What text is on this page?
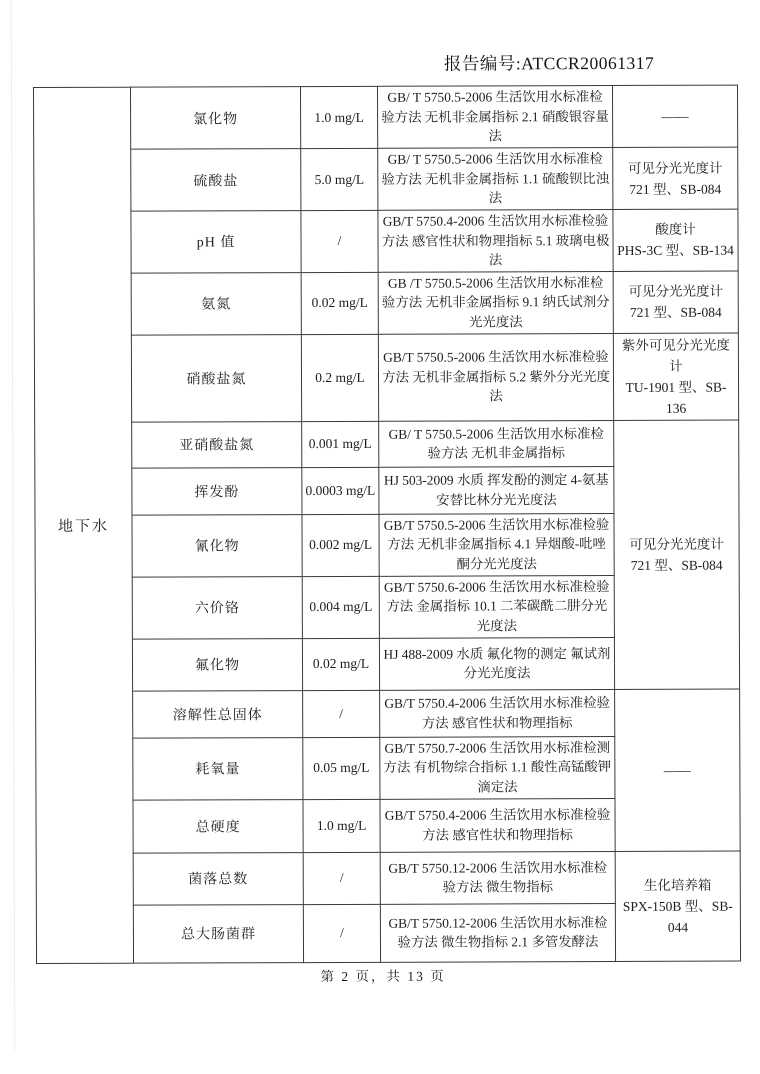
报告编号:ATCCR20061317
地下水	氯化物	1.0 mg/L	GB/ T 5750.5-2006 生活饮用水标准检验方法 无机非金属指标 2.1 硝酸银容量法	——
	硫酸盐	5.0 mg/L	GB/ T 5750.5-2006 生活饮用水标准检验方法 无机非金属指标 1.1 硫酸钡比浊法	可见分光光度计
721 型、SB-084
	pH 值	/	GB/T 5750.4-2006 生活饮用水标准检验方法 感官性状和物理指标 5.1 玻璃电极法	酸度计
PHS-3C 型、SB-134
	氨氮	0.02 mg/L	GB /T 5750.5-2006 生活饮用水标准检验方法 无机非金属指标 9.1 纳氏试剂分光光度法	可见分光光度计
721 型、SB-084
	硝酸盐氮	0.2 mg/L	GB/T 5750.5-2006 生活饮用水标准检验方法 无机非金属指标 5.2 紫外分光光度法	紫外可见分光光度计
TU-1901 型、SB-136
	亚硝酸盐氮	0.001 mg/L	GB/ T 5750.5-2006 生活饮用水标准检验方法 无机非金属指标	可见分光光度计
721 型、SB-084
	挥发酚	0.0003 mg/L	HJ 503-2009 水质 挥发酚的测定 4-氨基安替比林分光光度法	
	氰化物	0.002 mg/L	GB/T 5750.5-2006 生活饮用水标准检验方法 无机非金属指标 4.1 异烟酸-吡唑酮分光光度法	
	六价铬	0.004 mg/L	GB/T 5750.6-2006 生活饮用水标准检验方法 金属指标 10.1 二苯碳酰二肼分光光度法	
	氟化物	0.02 mg/L	HJ 488-2009 水质 氟化物的测定 氟试剂分光光度法	
	溶解性总固体	/	GB/T 5750.4-2006 生活饮用水标准检验方法 感官性状和物理指标	——
	耗氧量	0.05 mg/L	GB/T 5750.7-2006 生活饮用水标准检测方法 有机物综合指标 1.1 酸性高锰酸钾滴定法	
	总硬度	1.0 mg/L	GB/T 5750.4-2006 生活饮用水标准检验方法 感官性状和物理指标	
	菌落总数	/	GB/T 5750.12-2006 生活饮用水标准检验方法 微生物指标	生化培养箱
SPX-150B 型、SB-044
	总大肠菌群	/	GB/T 5750.12-2006 生活饮用水标准检验方法 微生物指标 2.1 多管发酵法	
第 2 页，共 13 页
